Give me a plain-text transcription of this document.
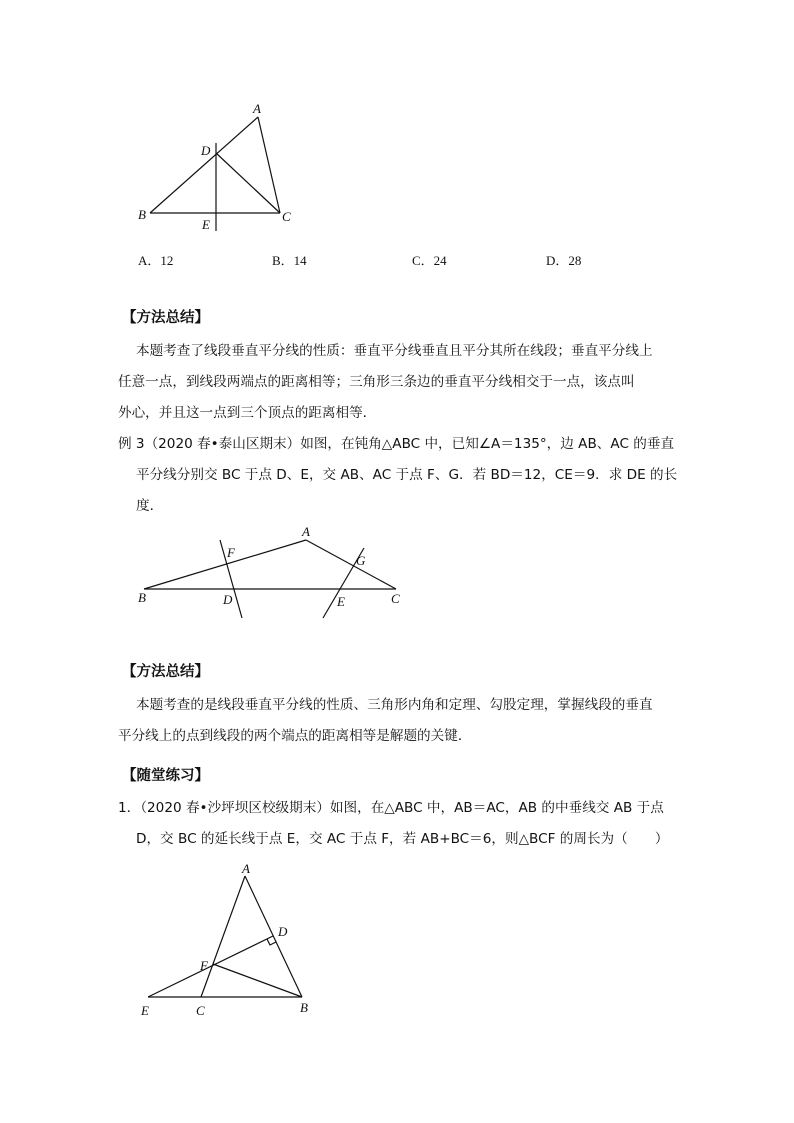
A
D
B	C
E
A．12	B．14	C．24	D．28
【方法总结】
本题考查了线段垂直平分线的性质：垂直平分线垂直且平分其所在线段；垂直平分线上
任意一点，到线段两端点的距离相等；三角形三条边的垂直平分线相交于一点，该点叫
外心，并且这一点到三个顶点的距离相等．
例 3（2020 春•泰山区期末）如图，在钝角△ABC 中，已知∠A＝135°，边 AB、AC 的垂直
平分线分别交 BC 于点 D、E，交 AB、AC 于点 F、G．若 BD＝12，CE＝9．求 DE 的长
度．
A
F
G
B	D	E	C
【方法总结】
本题考查的是线段垂直平分线的性质、三角形内角和定理、勾股定理，掌握线段的垂直
平分线上的点到线段的两个端点的距离相等是解题的关键．
【随堂练习】
1．（2020 春•沙坪坝区校级期末）如图，在△ABC 中，AB＝AC，AB 的中垂线交 AB 于点
D，交 BC 的延长线于点 E，交 AC 于点 F，若 AB+BC＝6，则△BCF 的周长为（　　）
A
D
F
E	C	B
